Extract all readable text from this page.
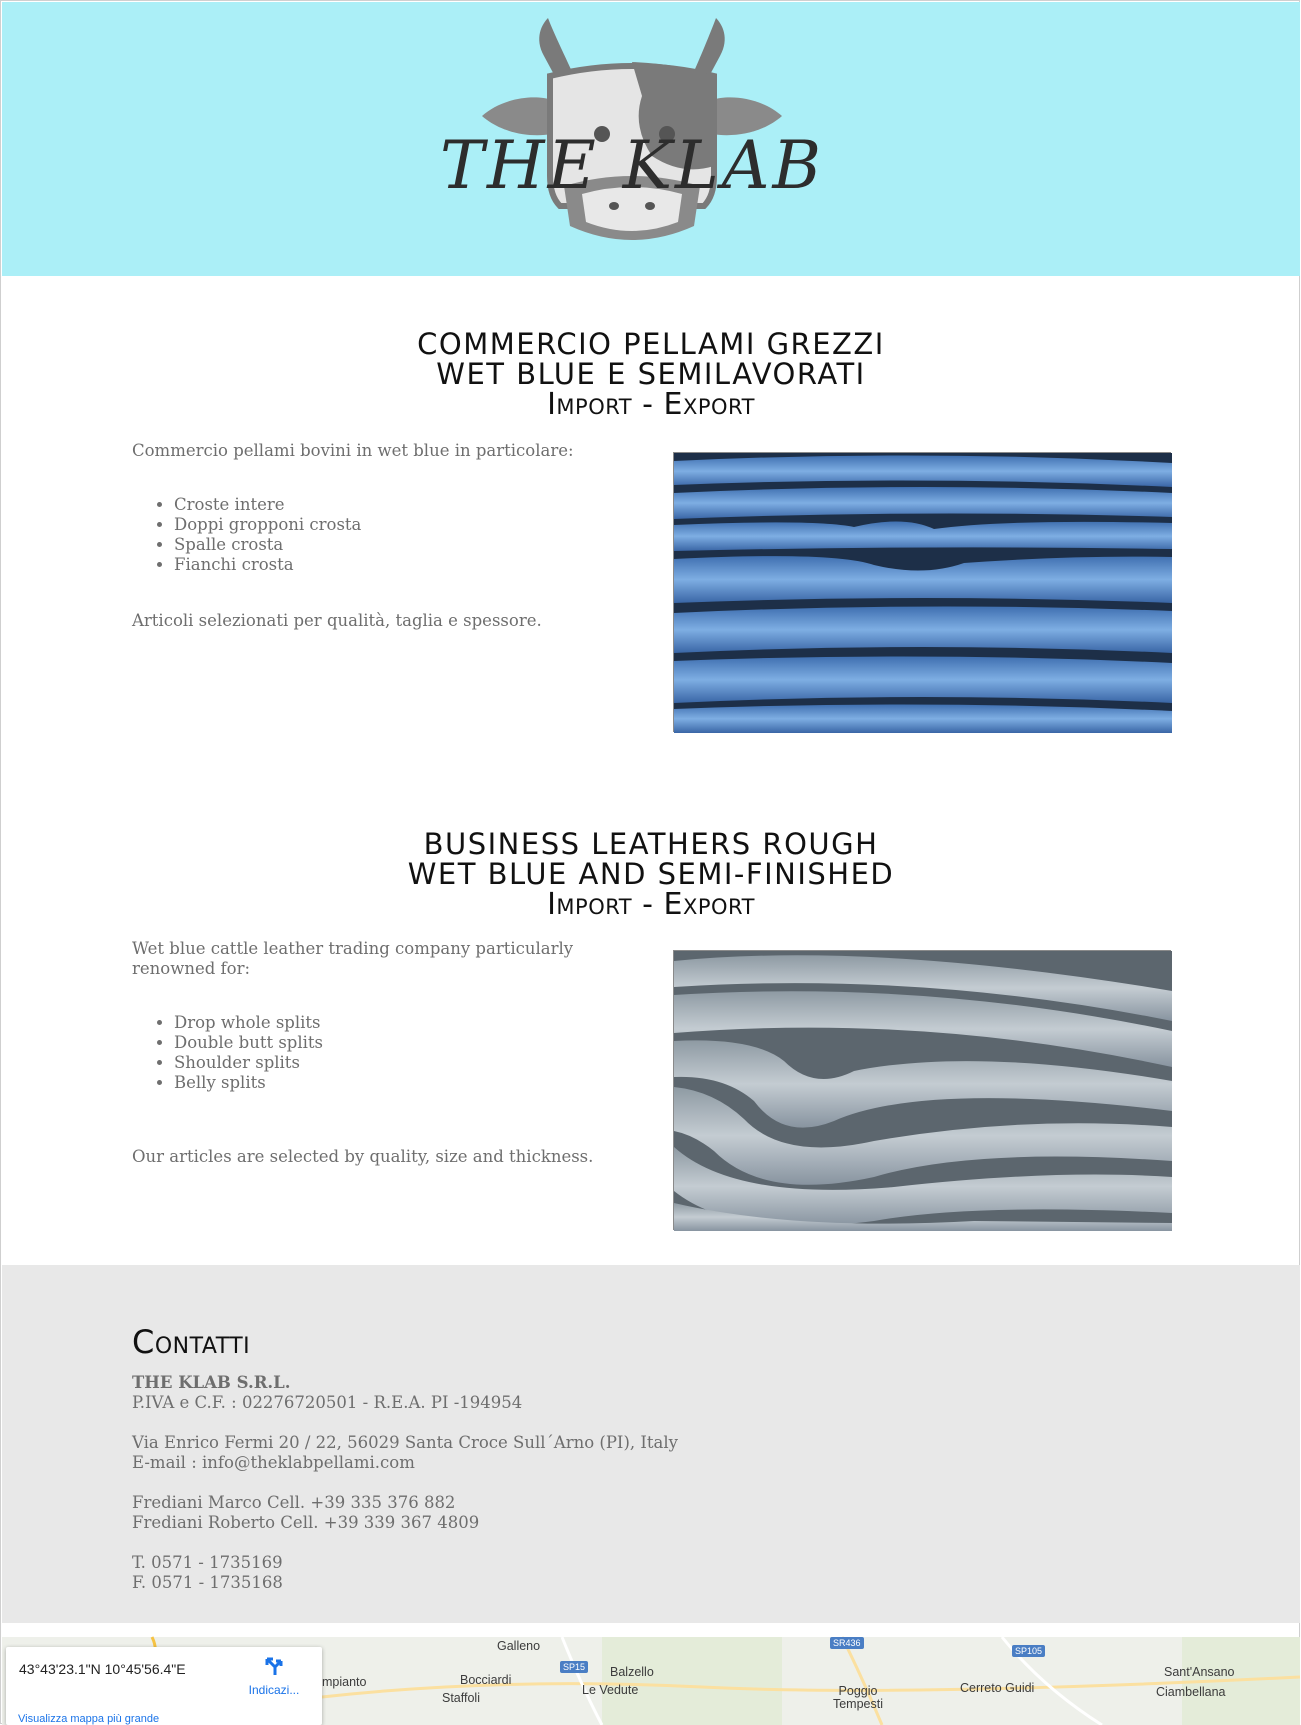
THE KLAB
COMMERCIO PELLAMI GREZZI
WET BLUE E SEMILAVORATI
Import - Export

Commercio pellami bovini in wet blue in particolare:

• Croste intere
• Doppi gropponi crosta
• Spalle crosta
• Fianchi crosta

Articoli selezionati per qualità, taglia e spessore.

BUSINESS LEATHERS ROUGH
WET BLUE AND SEMI-FINISHED
Import - Export

Wet blue cattle leather trading company particularly renowned for:

• Drop whole splits
• Double butt splits
• Shoulder splits
• Belly splits

Our articles are selected by quality, size and thickness.

Contatti
THE KLAB S.R.L.
P.IVA e C.F. : 02276720501 - R.E.A. PI -194954
Via Enrico Fermi 20 / 22, 56029 Santa Croce Sull´Arno (PI), Italy
E-mail : info@theklabpellami.com
Frediani Marco Cell. +39 335 376 882
Frediani Roberto Cell. +39 339 367 4809
T. 0571 - 1735169
F. 0571 - 1735168
Galleno
Bocciardi
Staffoli
Balzello
Le Vedute	Poggio Tempesti
Cerreto Guidi
Sant'Ansano
Ciambellana
mpianto
SR436
SP105
SP15
43°43'23.1"N 10°45'56.4"E
Indicazi...
Visualizza mappa più grande
